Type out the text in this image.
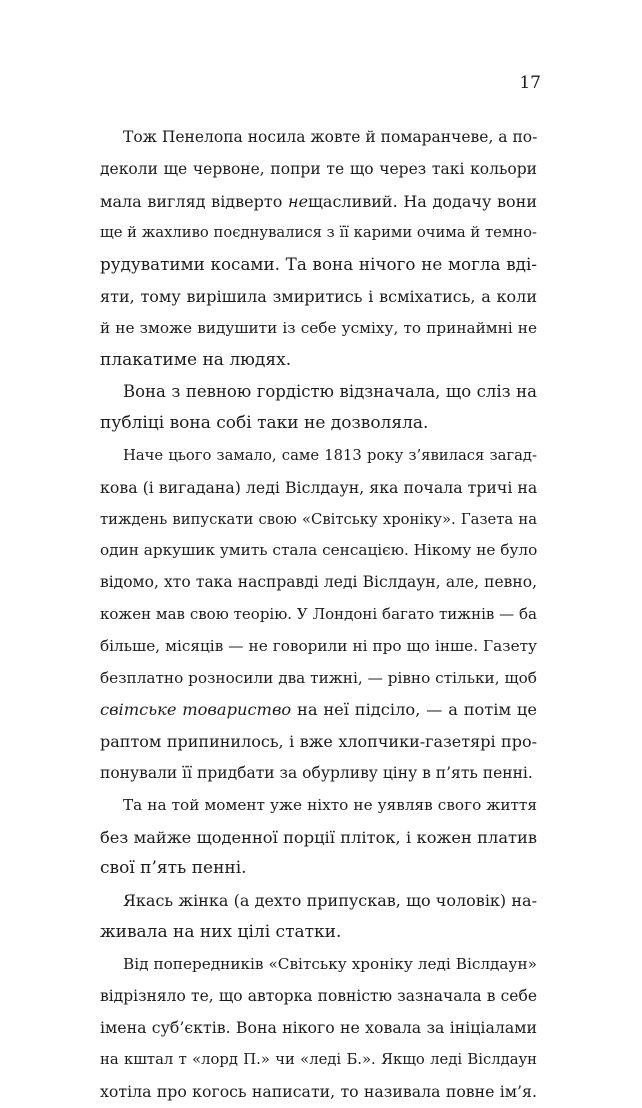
17
Тож Пенелопа носила жовте й помаранчеве, а по-
декoли ще червоне, попри те що через такі кольори
мала вигляд відверто нещасливий. На додачу вони
ще й жахливо поєднувалися з її карими очима й темно-
рудуватими косами. Та вона нічого не могла вді-
яти, тому вирішила змиритись і всміхатись, а коли
й не зможе видушити із себе усміху, то принаймні не
плакатиме на людях.
Вона з певною гордістю відзначала, що сліз на
публіці вона собі таки не дозволяла.
Наче цього замало, саме 1813 року з’явилася загад-
кова (і вигадана) леді Віслдаун, яка почала тричі на
тиждень випускати свою «Світську хроніку». Газета на
один аркушик умить стала сенсацією. Нікому не було
відомо, хто така насправді леді Віслдаун, але, певно,
кожен мав свою теорію. У Лондоні багато тижнів — ба
більше, місяців — не говорили ні про що інше. Газету
безплатно розносили два тижні, — рівно стільки, щоб
світське товариство на неї підсіло, — а потім це
раптом припинилось, і вже хлопчики-газетярі про-
понували її придбати за обурливу ціну в п’ять пенні.
Та на той момент уже ніхто не уявляв свого життя
без майже щоденної порції пліток, і кожен платив
свої п’ять пенні.
Якась жінка (а дехто припускав, що чоловік) на-
живала на них цілі статки.
Від попередників «Світську хроніку леді Віслдаун»
відрізняло те, що авторка повністю зазначала в себе
імена суб’єктів. Вона нікого не ховала за ініціалами
на кштал т «лорд П.» чи «леді Б.». Якщо леді Віслдаун
хотіла про когось написати, то називала повне ім’я.
